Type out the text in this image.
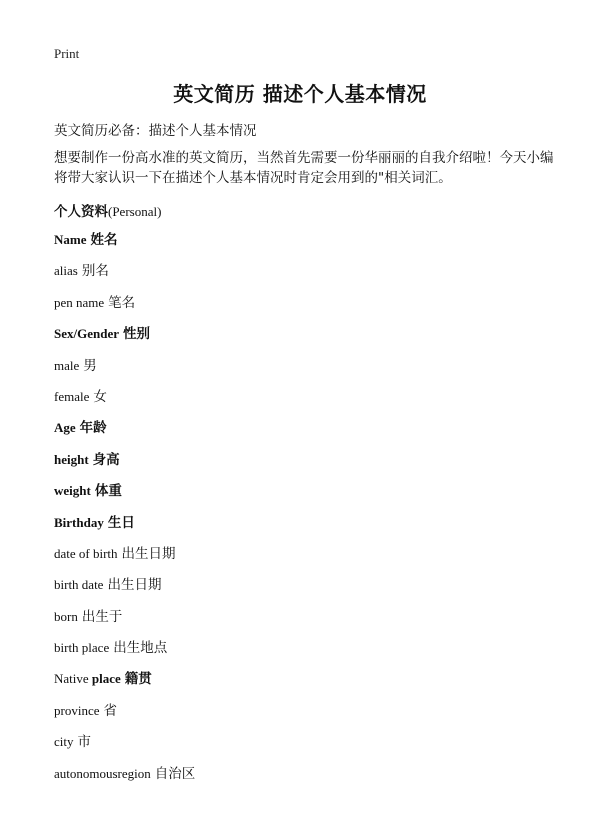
Print
英文简历 描述个人基本情况
英文简历必备：描述个人基本情况
想要制作一份高水准的英文简历，当然首先需要一份华丽丽的自我介绍啦！今天小编将带大家认识一下在描述个人基本情况时肯定会用到的"相关词汇。
个人资料(Personal)
Name 姓名
alias 别名
pen name 笔名
Sex/Gender 性别
male 男
female 女
Age 年龄
height 身高
weight 体重
Birthday 生日
date of birth 出生日期
birth date 出生日期
born 出生于
birth place 出生地点
Native place 籍贯
province 省
city 市
autonomousregion 自治区
